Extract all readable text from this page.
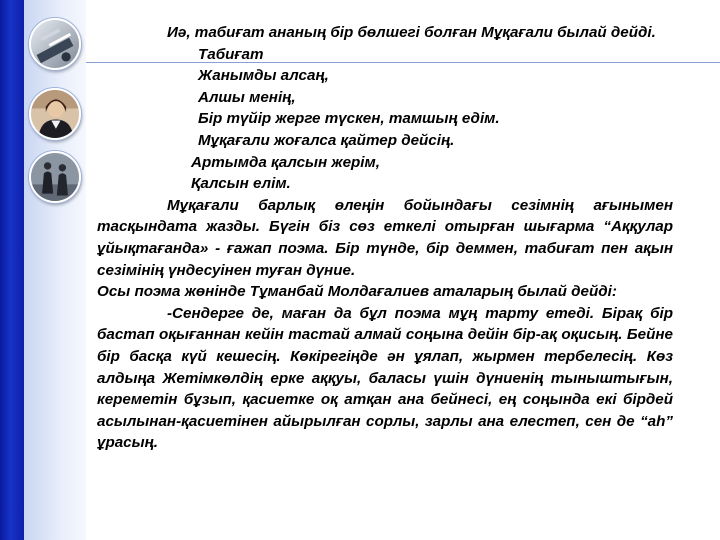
Иә, табиғат ананың бір бөлшегі болған Мұқағали былай дейді.

Табиғат
Жанымды алсаң,
Алшы менің,
Бір түйір жерге түскен, тамшың едім.
Мұқағали жоғалса қайтер дейсің.
Артымда қалсын жерім,
Қалсын елім.

Мұқағали барлық өлеңін бойындағы сезімнің ағынымен тасқындата жазды. Бүгін біз сөз еткелі отырған шығарма “Аққулар ұйықтағанда» - ғажап поэма. Бір түнде, бір деммен, табиғат пен ақын сезімінің үндесуінен туған дүние.

Осы поэма жөнінде Тұманбай Молдағалиев аталарың былай дейді:

-Сендерге де, маған да бұл поэма мұң тарту етеді. Бірақ бір бастап оқығаннан кейін тастай алмай соңына дейін бір-ақ оқисың. Бейне бір басқа күй кешесің. Көкірегіңде ән ұялап, жырмен тербелесің. Көз алдыңа Жетімкөлдің ерке аққуы, баласы үшін дүниенің тыныштығын, кереметін бұзып, қасиетке оқ атқан ана бейнесі, ең соңында екі бірдей асылынан-қасиетінен айырылған сорлы, зарлы ана елестеп, сен де “аһ” ұрасың.
